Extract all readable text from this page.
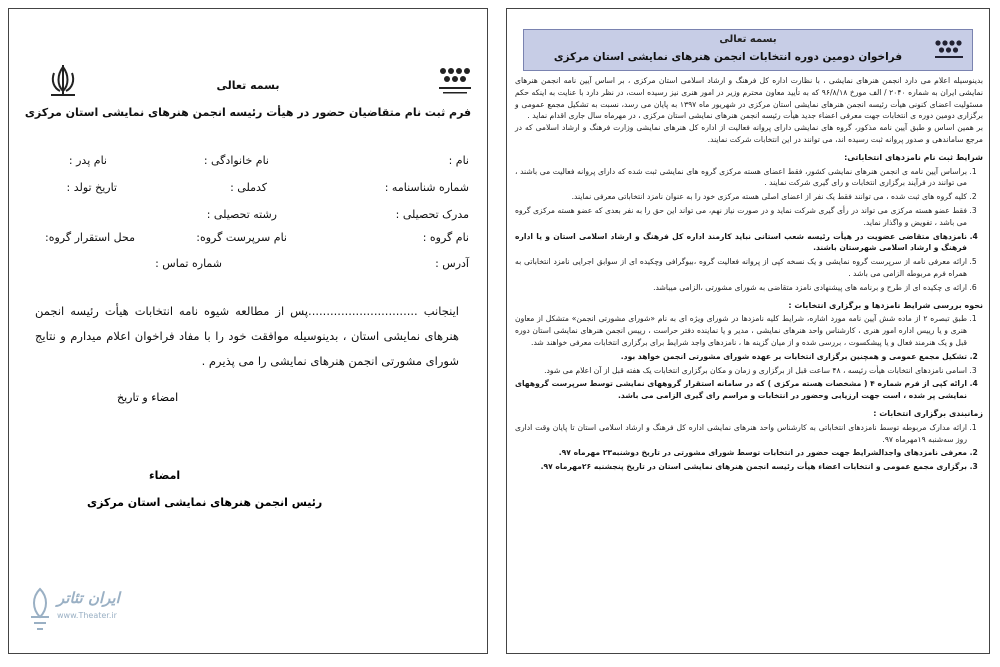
بسمه تعالی
فرم ثبت نام متقاضیان حضور در هیأت رئیسه انجمن هنرهای نمایشی استان مرکزی
نام :
نام خانوادگی :
نام پدر :
شماره شناسنامه :
کدملی :
تاریخ تولد :
مدرک تحصیلی :
رشته تحصیلی :
نام گروه :
نام سرپرست گروه:
محل استقرار گروه:
آدرس :
شماره تماس :
اینجانب ..............................پس از مطالعه شیوه نامه انتخابات هیأت رئیسه انجمن هنرهای نمایشی استان ، بدینوسیله موافقت خود را با مفاد فراخوان اعلام میدارم و نتایج شورای مشورتی انجمن هنرهای نمایشی را می پذیرم .
امضاء و تاریخ
امضاء
رئیس انجمن هنرهای نمایشی استان مرکزی
ایران تئاتر
www.Theater.ir
بسمه تعالی
فراخوان دومین دوره انتخابات انجمن هنرهای نمایشی استان مرکزی

بدینوسیله اعلام می دارد انجمن هنرهای نمایشی ، با نظارت اداره کل فرهنگ و ارشاد اسلامی استان مرکزی ، بر اساس آیین نامه انجمن هنرهای نمایشی ایران به شماره ۲۰۴۰ / الف مورخ ۹۶/۸/۱۸ که به تأیید معاون محترم وزیر در امور هنری نیز رسیده است، در نظر دارد با عنایت به اینکه حکم مسئولیت اعضای کنونی هیأت رئیسه انجمن هنرهای نمایشی استان مرکزی در شهریور ماه ۱۳۹۷ به پایان می رسد، نسبت به تشکیل مجمع عمومی و برگزاری دومین دوره ی انتخابات جهت معرفی اعضاء جدید هیأت رئیسه انجمن هنرهای نمایشی استان مرکزی ، در مهرماه سال جاری اقدام نماید .

بر همین اساس و طبق آیین نامه مذکور، گروه های نمایشی دارای پروانه فعالیت از اداره کل هنرهای نمایشی وزارت فرهنگ و ارشاد اسلامی که در مرجع ساماندهی و صدور پروانه ثبت رسیده اند، می توانند در این انتخابات شرکت نمایند.

شرایط ثبت نام نامزدهای انتخاباتی:
1. براساس آیین نامه ی انجمن هنرهای نمایشی کشور، فقط اعضای هسته مرکزی گروه های نمایشی ثبت شده که دارای پروانه فعالیت می باشند ، می توانند در فرآیند برگزاری انتخابات و رای گیری شرکت نمایند .
2. کلیه گروه های ثبت شده ، می توانند فقط یک نفر از اعضای اصلی هسته مرکزی خود را به عنوان نامزد انتخاباتی معرفی نمایند.
3. فقط عضو هسته مرکزی می تواند در رأی گیری شرکت نماید و در صورت نیاز نهم، می تواند این حق را به نفر بعدی که عضو هسته مرکزی گروه می باشد ، تفویض و واگذار نماید.
4. نامزدهای متقاضی عضویت در هیأت رئیسه شعب استانی نباید کارمند اداره کل فرهنگ و ارشاد اسلامی استان و یا اداره فرهنگ و ارشاد اسلامی شهرستان باشند.
5. ارائه معرفی نامه از سرپرست گروه نمایشی و یک نسخه کپی از پروانه فعالیت گروه ،بیوگرافی وچکیده ای از سوابق اجرایی نامزد انتخاباتی به همراه فرم مربوطه الزامی می باشد .
6. ارائه ی چکیده ای از طرح و برنامه های پیشنهادی نامزد متقاضی به شورای مشورتی ،الزامی میباشد.
نحوه بررسی شرایط نامزدها و برگزاری انتخابات :
1. طبق تبصره ۲ از ماده شش آیین نامه مورد اشاره، شرایط کلیه نامزدها در شورای ویژه ای به نام «شورای مشورتی انجمن» متشکل از معاون هنری و یا رییس اداره امور هنری ، کارشناس واحد هنرهای نمایشی ، مدیر و یا نماینده دفتر حراست ، رییس انجمن هنرهای نمایشی استان دوره قبل و یک هنرمند فعال و یا پیشکسوت ، بررسی شده و از میان گزینه ها ، نامزدهای واجد شرایط برای برگزاری انتخابات معرفی خواهند شد.
2. تشکیل مجمع عمومی و همچنین برگزاری انتخابات بر عهده شورای مشورتی انجمن خواهد بود.
3. اسامی نامزدهای انتخابات هیأت رئیسه ، ۴۸ ساعت قبل از برگزاری و زمان و مکان برگزاری انتخابات یک هفته قبل از آن اعلام می شود.
4. ارائه کپی از فرم شماره ۴ ( مشخصات هسته مرکزی ) که در سامانه استقرار گروههای نمایشی توسط سرپرست گروههای نمایشی پر شده ، است جهت ارزیابی وحضور در انتخابات و مراسم رای گیری الزامی می باشد.
زمانبندی برگزاری انتخابات :
1. ارائه مدارک مربوطه توسط نامزدهای انتخاباتی به کارشناس واحد هنرهای نمایشی اداره کل فرهنگ و ارشاد اسلامی استان تا پایان وقت اداری روز سه‌شنبه ۱۹مهرماه ۹۷.
2. معرفی نامزدهای واجدالشرایط جهت حضور در انتخابات توسط شورای مشورتی در تاریخ دوشنبه۲۳ مهرماه ۹۷.
3. برگزاری مجمع عمومی و انتخابات اعضاء هیأت رئیسه انجمن هنرهای نمایشی استان در تاریخ پنجشنبه ۲۶مهرماه ۹۷.
